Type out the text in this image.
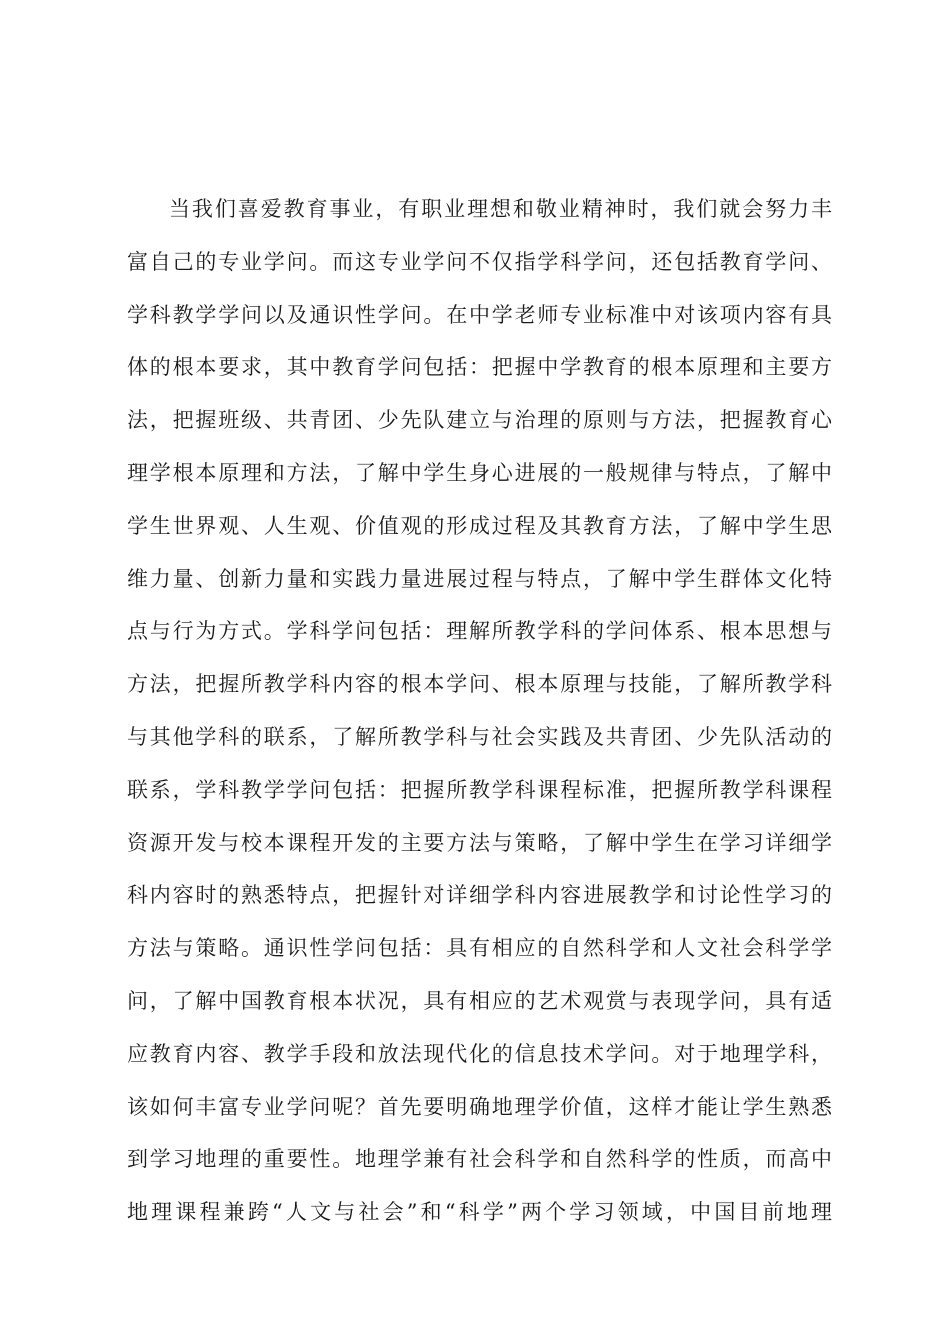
当我们喜爱教育事业，有职业理想和敬业精神时，我们就会努力丰
富自己的专业学问。而这专业学问不仅指学科学问，还包括教育学问、
学科教学学问以及通识性学问。在中学老师专业标准中对该项内容有具
体的根本要求，其中教育学问包括：把握中学教育的根本原理和主要方
法，把握班级、共青团、少先队建立与治理的原则与方法，把握教育心
理学根本原理和方法，了解中学生身心进展的一般规律与特点，了解中
学生世界观、人生观、价值观的形成过程及其教育方法，了解中学生思
维力量、创新力量和实践力量进展过程与特点，了解中学生群体文化特
点与行为方式。学科学问包括：理解所教学科的学问体系、根本思想与
方法，把握所教学科内容的根本学问、根本原理与技能，了解所教学科
与其他学科的联系，了解所教学科与社会实践及共青团、少先队活动的
联系，学科教学学问包括：把握所教学科课程标准，把握所教学科课程
资源开发与校本课程开发的主要方法与策略，了解中学生在学习详细学
科内容时的熟悉特点，把握针对详细学科内容进展教学和讨论性学习的
方法与策略。通识性学问包括：具有相应的自然科学和人文社会科学学
问，了解中国教育根本状况，具有相应的艺术观赏与表现学问，具有适
应教育内容、教学手段和放法现代化的信息技术学问。对于地理学科，
该如何丰富专业学问呢？首先要明确地理学价值，这样才能让学生熟悉
到学习地理的重要性。地理学兼有社会科学和自然科学的性质，而高中
地理课程兼跨“人文与社会”和“科学”两个学习领域，中国目前地理
